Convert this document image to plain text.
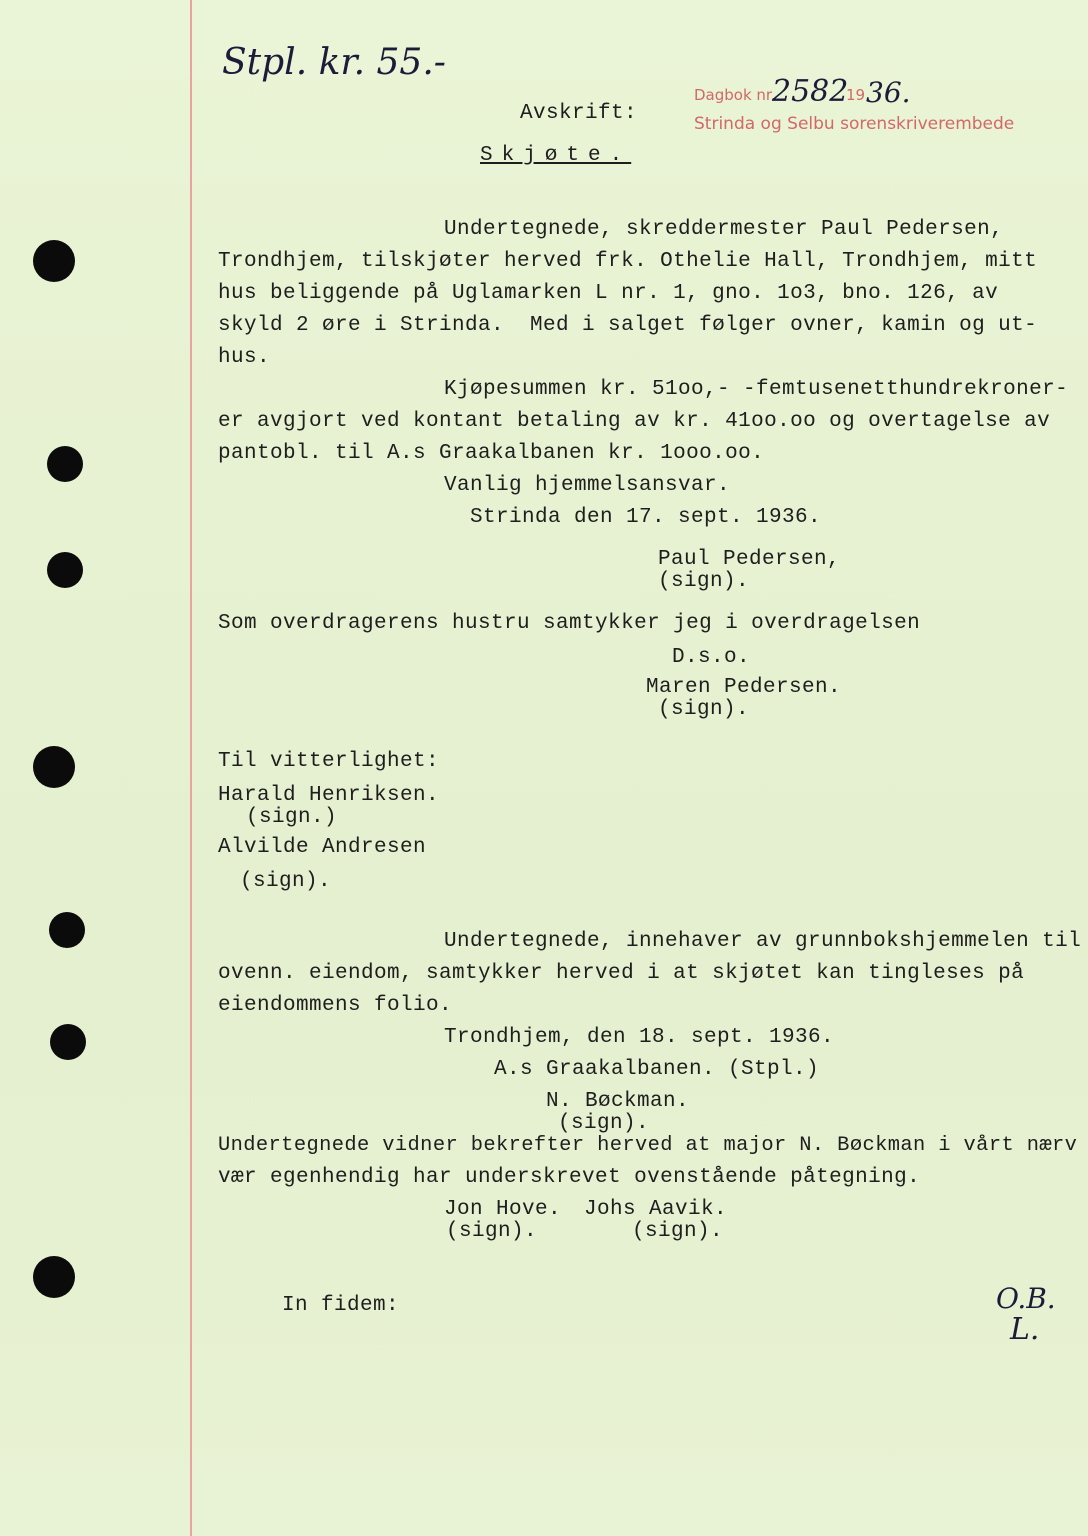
Stpl. kr. 55.-
Dagbok nr.
2582
19 36.
Strinda og Selbu sorenskriverembede
Avskrift:
Skjøte.
Undertegnede, skreddermester Paul Pedersen,
Trondhjem, tilskjøter herved frk. Othelie Hall, Trondhjem, mitt
hus beliggende på Uglamarken L nr. 1, gno. 1o3, bno. 126, av
skyld 2 øre i Strinda.  Med i salget følger ovner, kamin og ut-
hus.
Kjøpesummen kr. 51oo,- -femtusenetthundrekroner-
er avgjort ved kontant betaling av kr. 41oo.oo og overtagelse av
pantobl. til A.s Graakalbanen kr. 1ooo.oo.
Vanlig hjemmelsansvar.
Strinda den 17. sept. 1936.
Paul Pedersen,
(sign).
Som overdragerens hustru samtykker jeg i overdragelsen
D.s.o.
Maren Pedersen.
(sign).
Til vitterlighet:
Harald Henriksen.
(sign.)
Alvilde Andresen
(sign).
Undertegnede, innehaver av grunnbokshjemmelen til
ovenn. eiendom, samtykker herved i at skjøtet kan tingleses på
eiendommens folio.
Trondhjem, den 18. sept. 1936.
A.s Graakalbanen. (Stpl.)
N. Bøckman.
(sign).
Undertegnede vidner bekrefter herved at major N. Bøckman i vårt nærv
vær egenhendig har underskrevet ovenstående påtegning.
Jon Hove. Johs Aavik.
(sign).	(sign).
In fidem:	O.B.
L.
